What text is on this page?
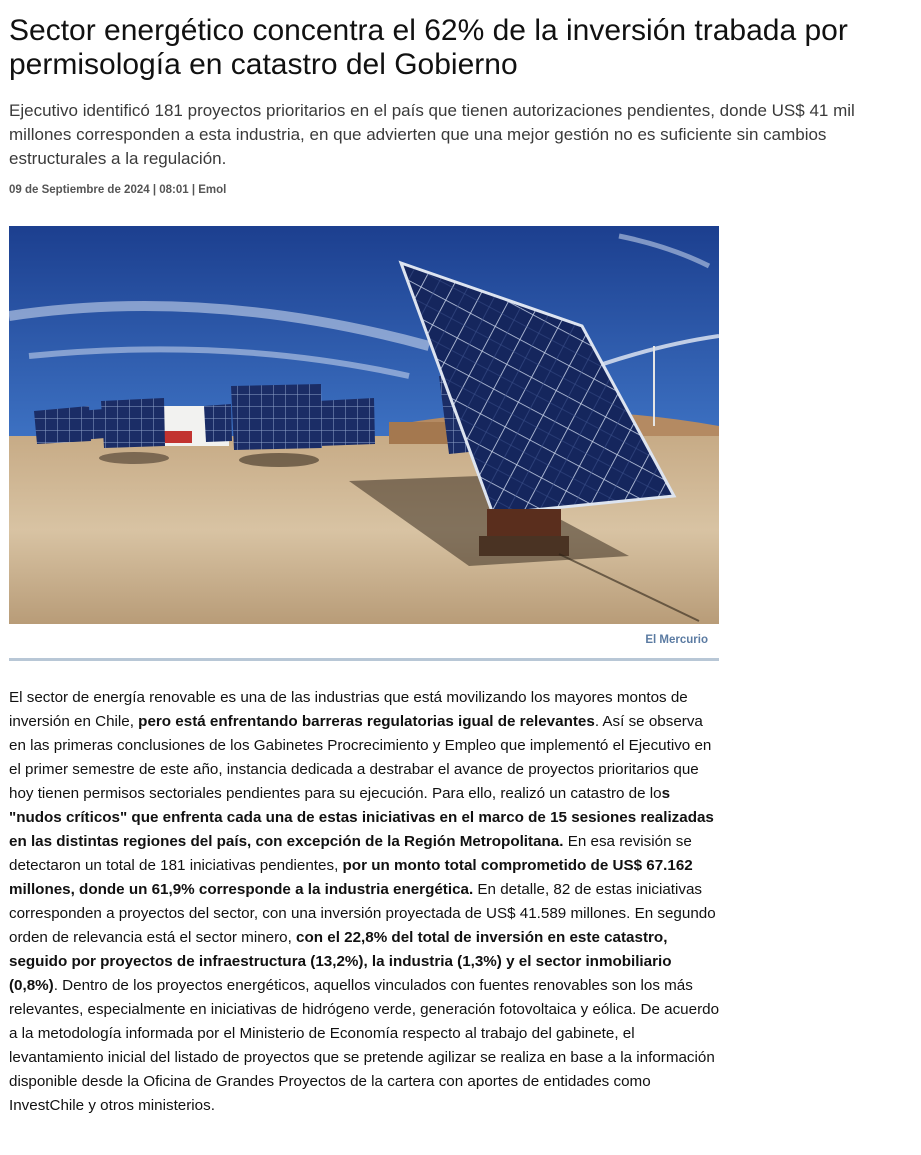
Sector energético concentra el 62% de la inversión trabada por permisología en catastro del Gobierno

Ejecutivo identificó 181 proyectos prioritarios en el país que tienen autorizaciones pendientes, donde US$ 41 mil millones corresponden a esta industria, en que advierten que una mejor gestión no es suficiente sin cambios estructurales a la regulación.

09 de Septiembre de 2024 | 08:01 | Emol
El Mercurio

El sector de energía renovable es una de las industrias que está movilizando los mayores montos de inversión en Chile, pero está enfrentando barreras regulatorias igual de relevantes. Así se observa en las primeras conclusiones de los Gabinetes Procrecimiento y Empleo que implementó el Ejecutivo en el primer semestre de este año, instancia dedicada a destrabar el avance de proyectos prioritarios que hoy tienen permisos sectoriales pendientes para su ejecución. Para ello, realizó un catastro de los "nudos críticos" que enfrenta cada una de estas iniciativas en el marco de 15 sesiones realizadas en las distintas regiones del país, con excepción de la Región Metropolitana. En esa revisión se detectaron un total de 181 iniciativas pendientes, por un monto total comprometido de US$ 67.162 millones, donde un 61,9% corresponde a la industria energética. En detalle, 82 de estas iniciativas corresponden a proyectos del sector, con una inversión proyectada de US$ 41.589 millones. En segundo orden de relevancia está el sector minero, con el 22,8% del total de inversión en este catastro, seguido por proyectos de infraestructura (13,2%), la industria (1,3%) y el sector inmobiliario (0,8%). Dentro de los proyectos energéticos, aquellos vinculados con fuentes renovables son los más relevantes, especialmente en iniciativas de hidrógeno verde, generación fotovoltaica y eólica. De acuerdo a la metodología informada por el Ministerio de Economía respecto al trabajo del gabinete, el levantamiento inicial del listado de proyectos que se pretende agilizar se realiza en base a la información disponible desde la Oficina de Grandes Proyectos de la cartera con aportes de entidades como InvestChile y otros ministerios.
